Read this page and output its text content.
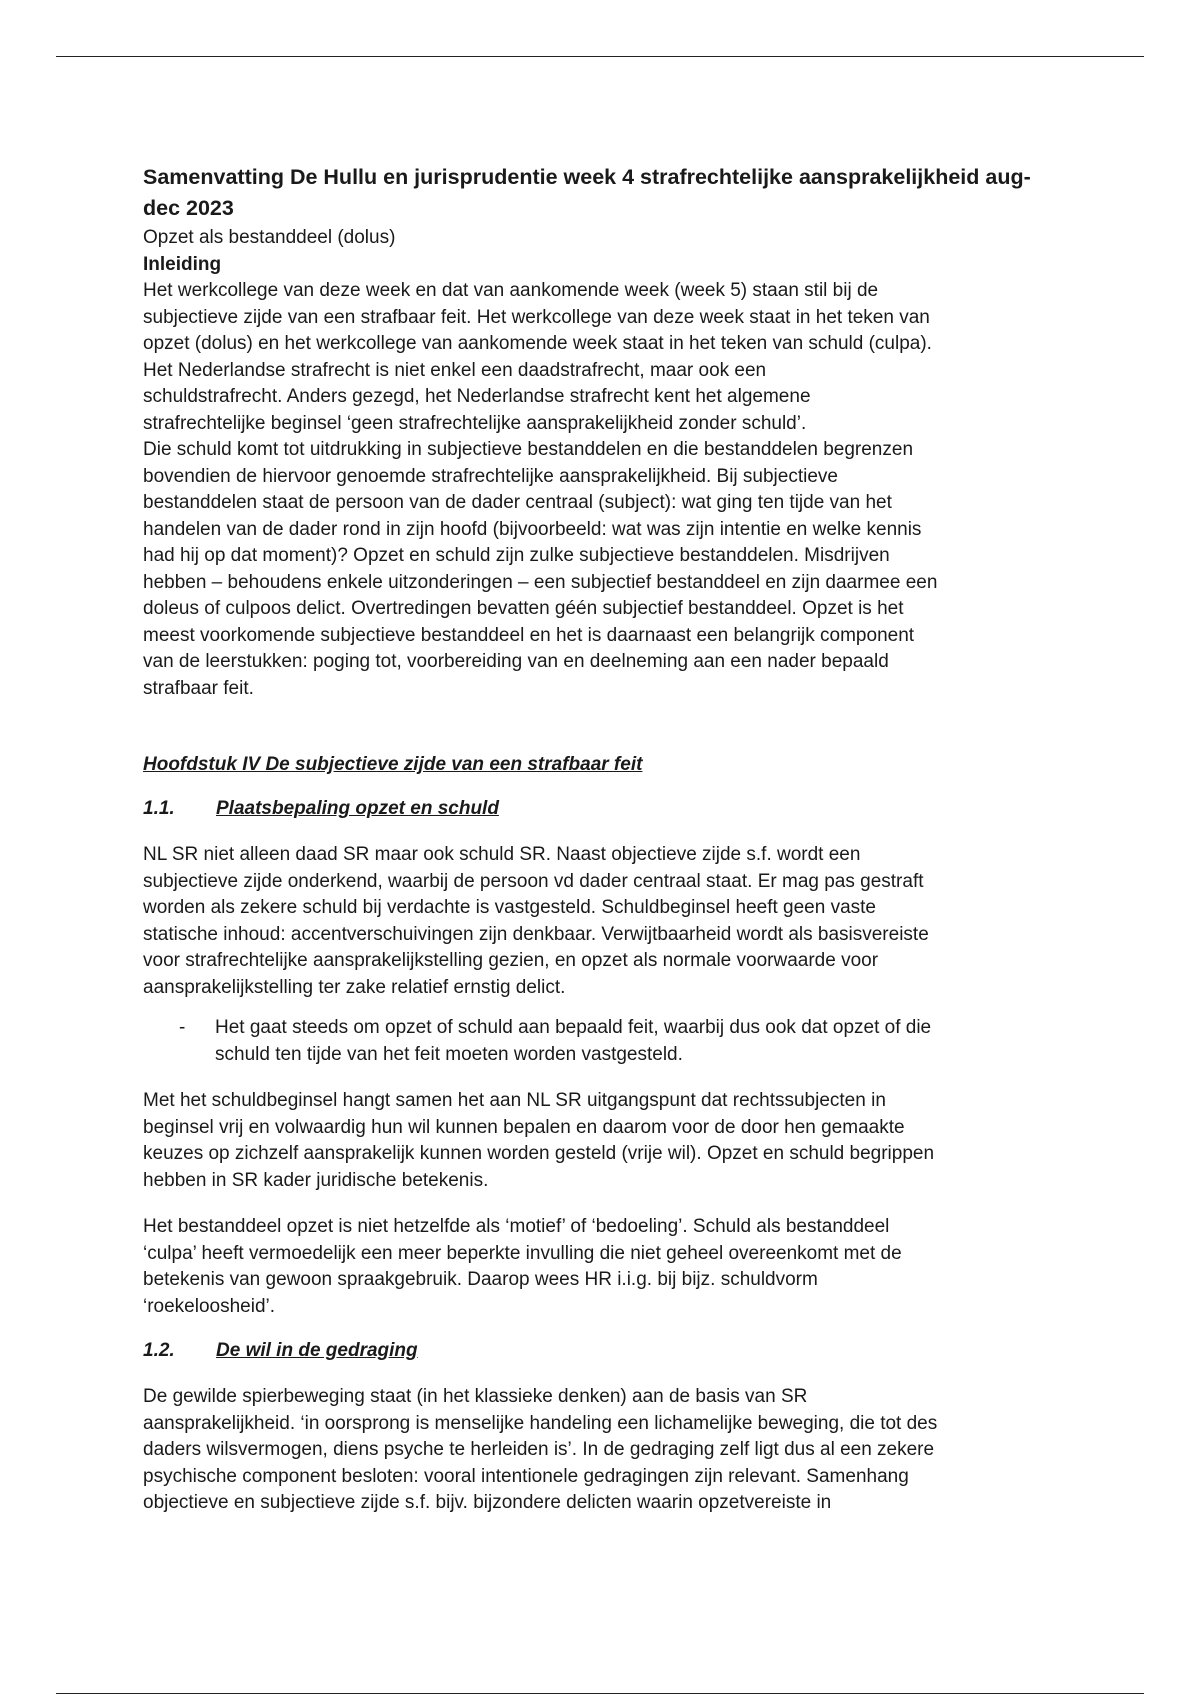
Samenvatting De Hullu en jurisprudentie week 4 strafrechtelijke aansprakelijkheid aug-dec 2023

Opzet als bestanddeel (dolus)

Inleiding

Het werkcollege van deze week en dat van aankomende week (week 5) staan stil bij de
subjectieve zijde van een strafbaar feit. Het werkcollege van deze week staat in het teken van
opzet (dolus) en het werkcollege van aankomende week staat in het teken van schuld (culpa).
Het Nederlandse strafrecht is niet enkel een daadstrafrecht, maar ook een
schuldstrafrecht. Anders gezegd, het Nederlandse strafrecht kent het algemene
strafrechtelijke beginsel ‘geen strafrechtelijke aansprakelijkheid zonder schuld’.

Die schuld komt tot uitdrukking in subjectieve bestanddelen en die bestanddelen begrenzen
bovendien de hiervoor genoemde strafrechtelijke aansprakelijkheid. Bij subjectieve
bestanddelen staat de persoon van de dader centraal (subject): wat ging ten tijde van het
handelen van de dader rond in zijn hoofd (bijvoorbeeld: wat was zijn intentie en welke kennis
had hij op dat moment)? Opzet en schuld zijn zulke subjectieve bestanddelen. Misdrijven
hebben – behoudens enkele uitzonderingen – een subjectief bestanddeel en zijn daarmee een
doleus of culpoos delict. Overtredingen bevatten géén subjectief bestanddeel. Opzet is het
meest voorkomende subjectieve bestanddeel en het is daarnaast een belangrijk component
van de leerstukken: poging tot, voorbereiding van en deelneming aan een nader bepaald
strafbaar feit.

Hoofdstuk IV De subjectieve zijde van een strafbaar feit

1.1.	Plaatsbepaling opzet en schuld

NL SR niet alleen daad SR maar ook schuld SR. Naast objectieve zijde s.f. wordt een
subjectieve zijde onderkend, waarbij de persoon vd dader centraal staat. Er mag pas gestraft
worden als zekere schuld bij verdachte is vastgesteld. Schuldbeginsel heeft geen vaste
statische inhoud: accentverschuivingen zijn denkbaar. Verwijtbaarheid wordt als basisvereiste
voor strafrechtelijke aansprakelijkstelling gezien, en opzet als normale voorwaarde voor
aansprakelijkstelling ter zake relatief ernstig delict.

-	Het gaat steeds om opzet of schuld aan bepaald feit, waarbij dus ook dat opzet of die
schuld ten tijde van het feit moeten worden vastgesteld.

Met het schuldbeginsel hangt samen het aan NL SR uitgangspunt dat rechtssubjecten in
beginsel vrij en volwaardig hun wil kunnen bepalen en daarom voor de door hen gemaakte
keuzes op zichzelf aansprakelijk kunnen worden gesteld (vrije wil). Opzet en schuld begrippen
hebben in SR kader juridische betekenis.

Het bestanddeel opzet is niet hetzelfde als ‘motief’ of ‘bedoeling’. Schuld als bestanddeel
‘culpa’ heeft vermoedelijk een meer beperkte invulling die niet geheel overeenkomt met de
betekenis van gewoon spraakgebruik. Daarop wees HR i.i.g. bij bijz. schuldvorm
‘roekeloosheid’.

1.2.	De wil in de gedraging

De gewilde spierbeweging staat (in het klassieke denken) aan de basis van SR
aansprakelijkheid. ‘in oorsprong is menselijke handeling een lichamelijke beweging, die tot des
daders wilsvermogen, diens psyche te herleiden is’. In de gedraging zelf ligt dus al een zekere
psychische component besloten: vooral intentionele gedragingen zijn relevant. Samenhang
objectieve en subjectieve zijde s.f. bijv. bijzondere delicten waarin opzetvereiste in
